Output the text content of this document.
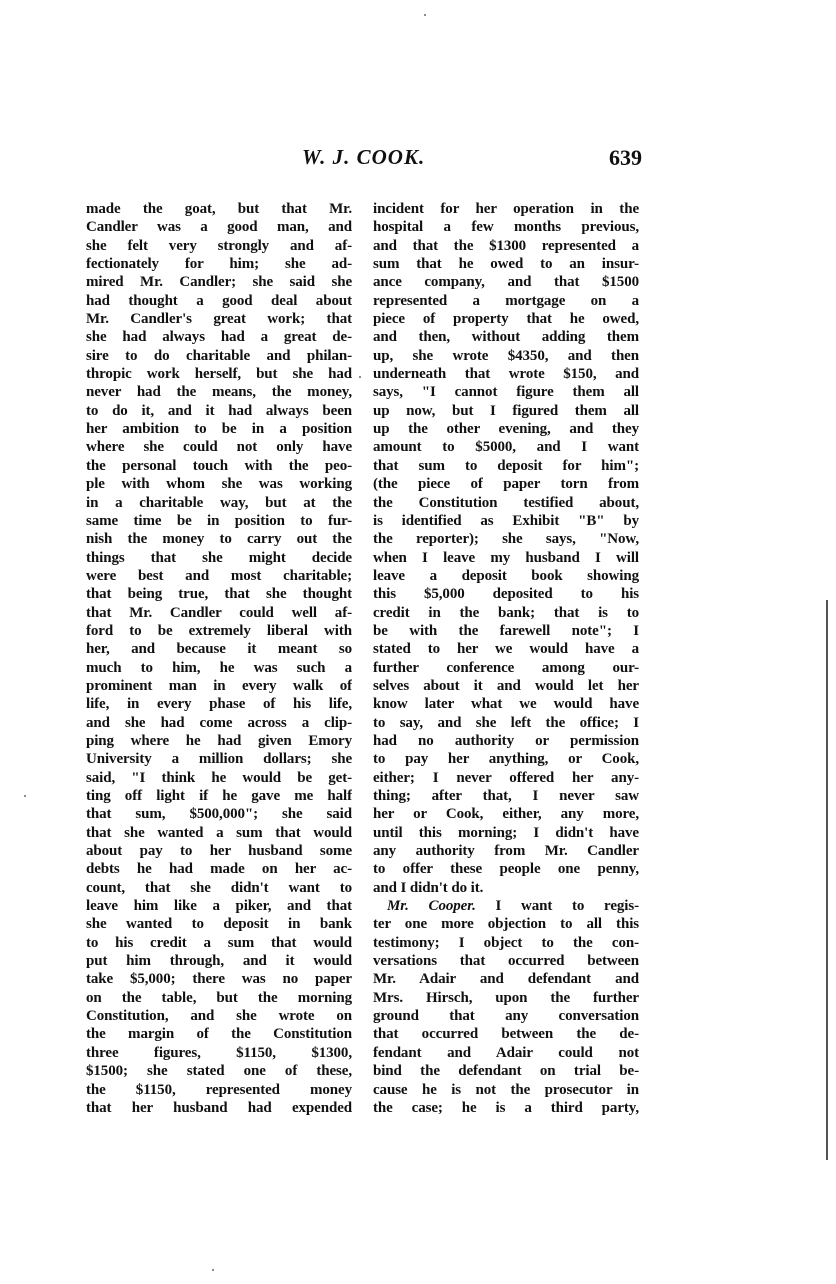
W. J. COOK.	639
made the goat, but that Mr.
Candler was a good man, and
she felt very strongly and af-
fectionately for him; she ad-
mired Mr. Candler; she said she
had thought a good deal about
Mr. Candler's great work; that
she had always had a great de-
sire to do charitable and philan-
thropic work herself, but she had
never had the means, the money,
to do it, and it had always been
her ambition to be in a position
where she could not only have
the personal touch with the peo-
ple with whom she was working
in a charitable way, but at the
same time be in position to fur-
nish the money to carry out the
things that she might decide
were best and most charitable;
that being true, that she thought
that Mr. Candler could well af-
ford to be extremely liberal with
her, and because it meant so
much to him, he was such a
prominent man in every walk of
life, in every phase of his life,
and she had come across a clip-
ping where he had given Emory
University a million dollars; she
said, "I think he would be get-
ting off light if he gave me half
that sum, $500,000"; she said
that she wanted a sum that would
about pay to her husband some
debts he had made on her ac-
count, that she didn't want to
leave him like a piker, and that
she wanted to deposit in bank
to his credit a sum that would
put him through, and it would
take $5,000; there was no paper
on the table, but the morning
Constitution, and she wrote on
the margin of the Constitution
three figures, $1150, $1300,
$1500; she stated one of these,
the $1150, represented money
that her husband had expended
incident for her operation in the
hospital a few months previous,
and that the $1300 represented a
sum that he owed to an insur-
ance company, and that $1500
represented a mortgage on a
piece of property that he owed,
and then, without adding them
up, she wrote $4350, and then
underneath that wrote $150, and
says, "I cannot figure them all
up now, but I figured them all
up the other evening, and they
amount to $5000, and I want
that sum to deposit for him";
(the piece of paper torn from
the Constitution testified about,
is identified as Exhibit "B" by
the reporter); she says, "Now,
when I leave my husband I will
leave a deposit book showing
this $5,000 deposited to his
credit in the bank; that is to
be with the farewell note"; I
stated to her we would have a
further conference among our-
selves about it and would let her
know later what we would have
to say, and she left the office; I
had no authority or permission
to pay her anything, or Cook,
either; I never offered her any-
thing; after that, I never saw
her or Cook, either, any more,
until this morning; I didn't have
any authority from Mr. Candler
to offer these people one penny,
and I didn't do it.
Mr. Cooper. I want to regis-
ter one more objection to all this
testimony; I object to the con-
versations that occurred between
Mr. Adair and defendant and
Mrs. Hirsch, upon the further
ground that any conversation
that occurred between the de-
fendant and Adair could not
bind the defendant on trial be-
cause he is not the prosecutor in
the case; he is a third party,
